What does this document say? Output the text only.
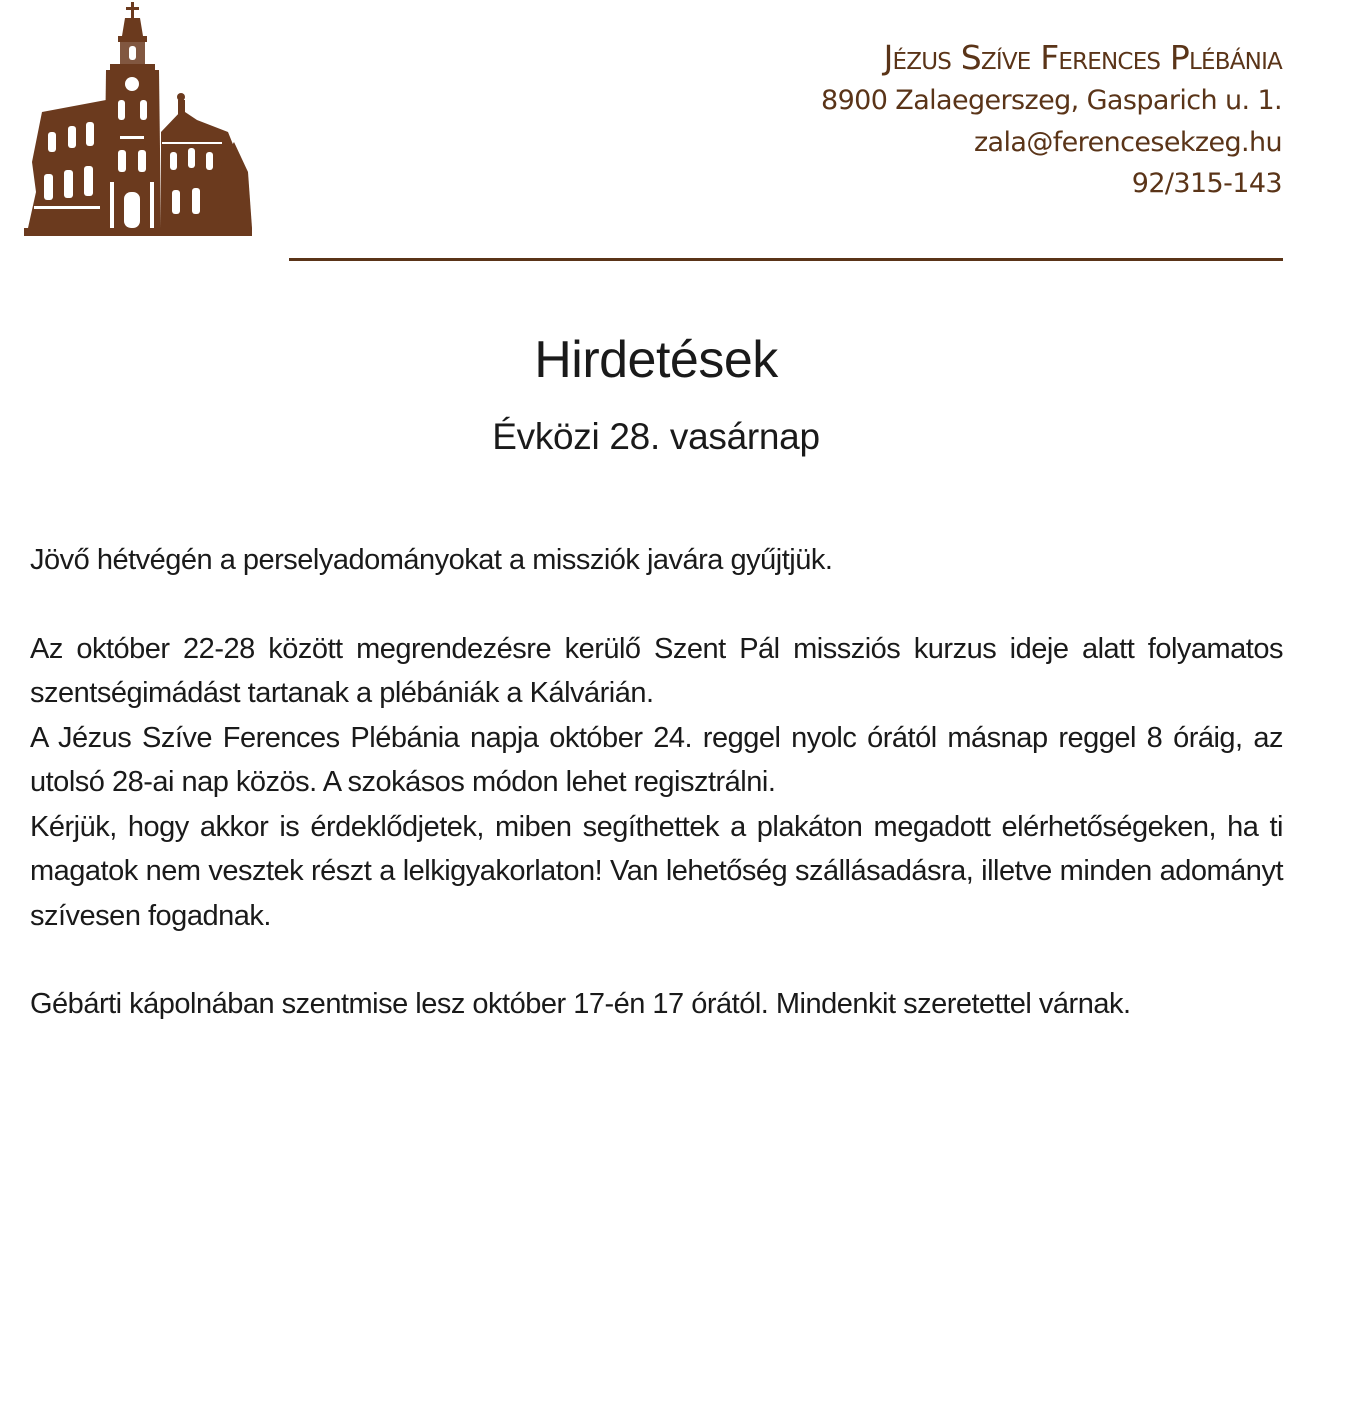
Jézus Szíve Ferences Plébánia
8900 Zalaegerszeg, Gasparich u. 1.
zala@ferencesekzeg.hu
92/315-143
Hirdetések
Évközi 28. vasárnap

Jövő hétvégén a perselyadományokat a missziók javára gyűjtjük.

Az október 22-28 között megrendezésre kerülő Szent Pál missziós kurzus ideje alatt folyamatos szentségimádást tartanak a plébániák a Kálvárián.

A Jézus Szíve Ferences Plébánia napja október 24. reggel nyolc órától másnap reggel 8 óráig, az utolsó 28-ai nap közös. A szokásos módon lehet regisztrálni.

Kérjük, hogy akkor is érdeklődjetek, miben segíthettek a plakáton megadott elérhetőségeken, ha ti magatok nem vesztek részt a lelkigyakorlaton! Van lehetőség szállásadásra, illetve minden adományt szívesen fogadnak.

Gébárti kápolnában szentmise lesz október 17-én 17 órától. Mindenkit szeretettel várnak.
